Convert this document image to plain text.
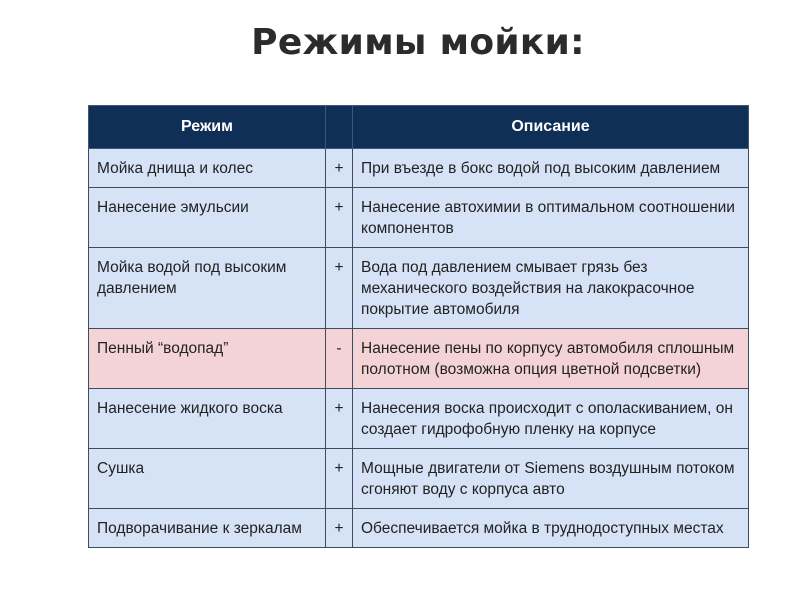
Режимы мойки:
Режим		Описание
Мойка днища и колес	+	При въезде в бокс водой под высоким давлением
Нанесение эмульсии	+	Нанесение автохимии в оптимальном соотношении компонентов
Мойка водой под высоким давлением	+	Вода под давлением смывает грязь без механического воздействия на лакокрасочное покрытие автомобиля
Пенный “водопад”	-	Нанесение пены по корпусу автомобиля сплошным полотном (возможна опция цветной подсветки)
Нанесение жидкого воска	+	Нанесения воска происходит с ополаскиванием, он создает гидрофобную пленку на корпусе
Сушка	+	Мощные двигатели от Siemens воздушным потоком сгоняют воду с корпуса авто
Подворачивание к зеркалам	+	Обеспечивается мойка в труднодоступных местах
